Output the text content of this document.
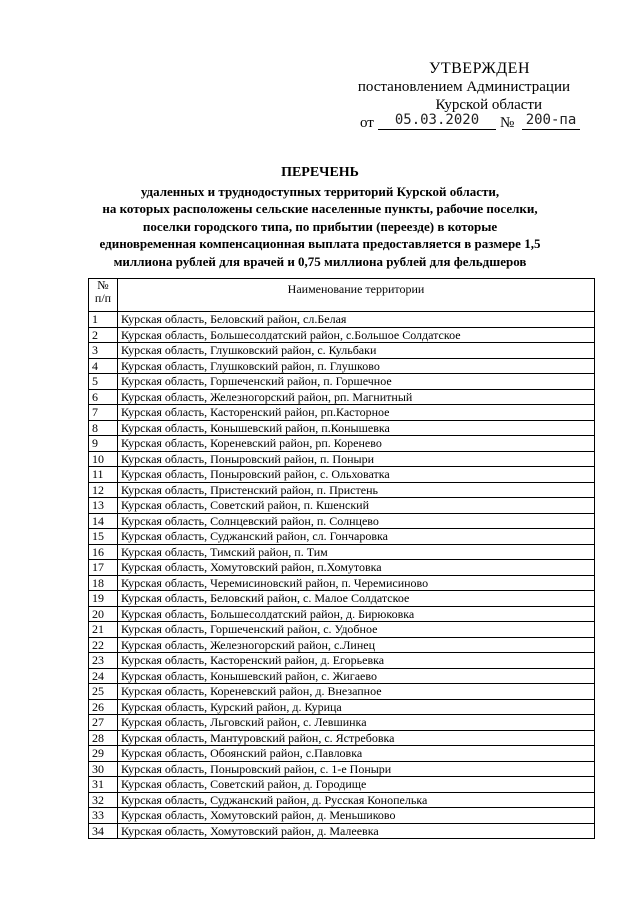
УТВЕРЖДЕН
постановлением Администрации
Курской области
от	05.03.2020	№ 200-па
ПЕРЕЧЕНЬ
удаленных и труднодоступных территорий Курской области,
на которых расположены сельские населенные пункты, рабочие поселки,
поселки городского типа, по прибытии (переезде) в которые
единовременная компенсационная выплата предоставляется в размере 1,5
миллиона рублей для врачей и 0,75 миллиона рублей для фельдшеров
№
п/п	Наименование территории
1	Курская область, Беловский район, сл.Белая
2	Курская область, Большесолдатский район, с.Большое Солдатское
3	Курская область, Глушковский район, с. Кульбаки
4	Курская область, Глушковский район, п. Глушково
5	Курская область, Горшеченский район, п. Горшечное
6	Курская область, Железногорский район, рп. Магнитный
7	Курская область, Касторенский район, рп.Касторное
8	Курская область, Конышевский район, п.Конышевка
9	Курская область, Кореневский район, рп. Коренево
10	Курская область, Поныровский район, п. Поныри
11	Курская область, Поныровский район, с. Ольховатка
12	Курская область, Пристенский район, п. Пристень
13	Курская область, Советский район, п. Кшенский
14	Курская область, Солнцевский район, п. Солнцево
15	Курская область, Суджанский район, сл. Гончаровка
16	Курская область, Тимский район, п. Тим
17	Курская область, Хомутовский район, п.Хомутовка
18	Курская область, Черемисиновский район, п. Черемисиново
19	Курская область, Беловский район, с. Малое Солдатское
20	Курская область, Большесолдатский район, д. Бирюковка
21	Курская область, Горшеченский район, с. Удобное
22	Курская область, Железногорский район, с.Линец
23	Курская область, Касторенский район, д. Егорьевка
24	Курская область, Конышевский район, с. Жигаево
25	Курская область, Кореневский район, д. Внезапное
26	Курская область, Курский район, д. Курица
27	Курская область, Льговский район, с. Левшинка
28	Курская область, Мантуровский район, с. Ястребовка
29	Курская область, Обоянский район, с.Павловка
30	Курская область, Поныровский район, с. 1-е Поныри
31	Курская область, Советский район, д. Городище
32	Курская область, Суджанский район, д. Русская Конопелька
33	Курская область, Хомутовский район, д. Меньшиково
34	Курская область, Хомутовский район, д. Малеевка
